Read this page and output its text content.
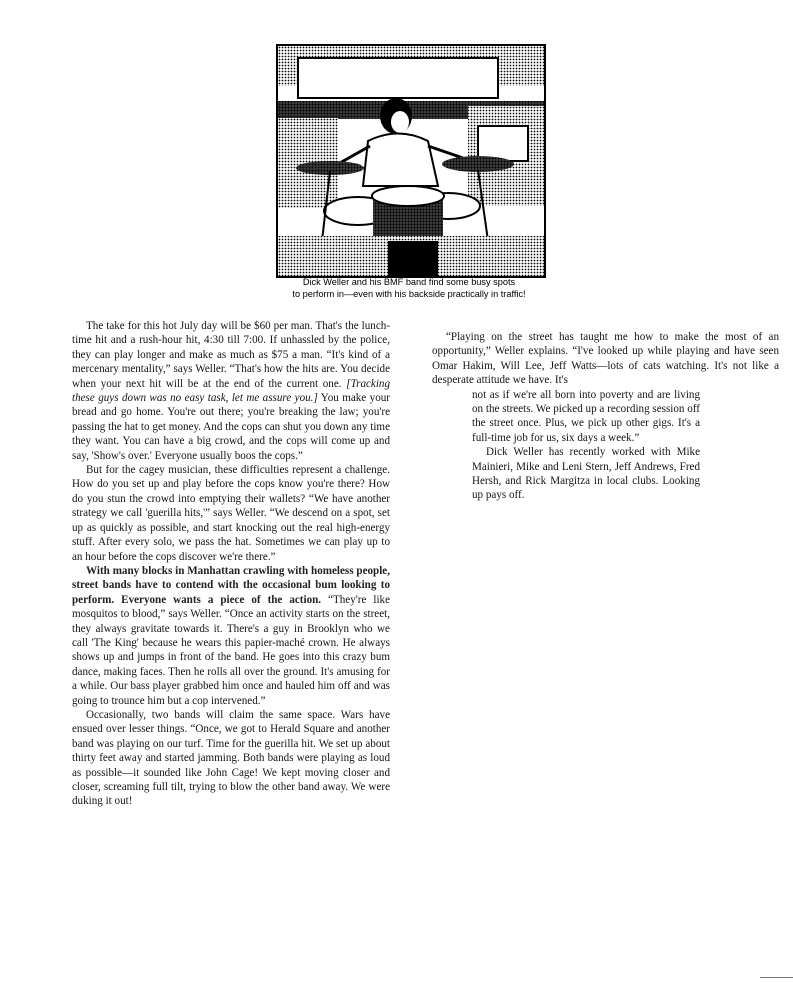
Dick Weller and his BMF band find some busy spots
to perform in—even with his backside practically in traffic!

The take for this hot July day will be $60 per man. That's the lunch-time hit and a rush-hour hit, 4:30 till 7:00. If unhassled by the police, they can play longer and make as much as $75 a man. “It's kind of a mercenary mentality,” says Weller. “That's how the hits are. You decide when your next hit will be at the end of the current one. [Tracking these guys down was no easy task, let me assure you.] You make your bread and go home. You're out there; you're breaking the law; you're passing the hat to get money. And the cops can shut you down any time they want. You can have a big crowd, and the cops will come up and say, 'Show's over.' Everyone usually boos the cops.”

But for the cagey musician, these difficulties represent a challenge. How do you set up and play before the cops know you're there? How do you stun the crowd into emptying their wallets? “We have another strategy we call 'guerilla hits,'” says Weller. “We descend on a spot, set up as quickly as possible, and start knocking out the real high-energy stuff. After every solo, we pass the hat. Sometimes we can play up to an hour before the cops discover we're there.”

With many blocks in Manhattan crawling with homeless people, street bands have to contend with the occasional bum looking to perform. Everyone wants a piece of the action. “They're like mosquitos to blood,” says Weller. “Once an activity starts on the street, they always gravitate towards it. There's a guy in Brooklyn who we call 'The King' because he wears this papier-maché crown. He always shows up and jumps in front of the band. He goes into this crazy bum dance, making faces. Then he rolls all over the ground. It's amusing for a while. Our bass player grabbed him once and hauled him off and was going to trounce him but a cop intervened.”

Occasionally, two bands will claim the same space. Wars have ensued over lesser things. “Once, we got to Herald Square and another band was playing on our turf. Time for the guerilla hit. We set up about thirty feet away and started jamming. Both bands were playing as loud as possible—it sounded like John Cage! We kept moving closer and closer, screaming full tilt, trying to blow the other band away. We were duking it out!

“Playing on the street has taught me how to make the most of an opportunity,” Weller explains. “I've looked up while playing and have seen Omar Hakim, Will Lee, Jeff Watts—lots of cats watching. It's not like a desperate attitude we have. It's

not as if we're all born into poverty and are living on the streets. We picked up a recording session off the street once. Plus, we pick up other gigs. It's a full-time job for us, six days a week.”

Dick Weller has recently worked with Mike Mainieri, Mike and Leni Stern, Jeff Andrews, Fred Hersh, and Rick Margitza in local clubs. Looking up pays off.
